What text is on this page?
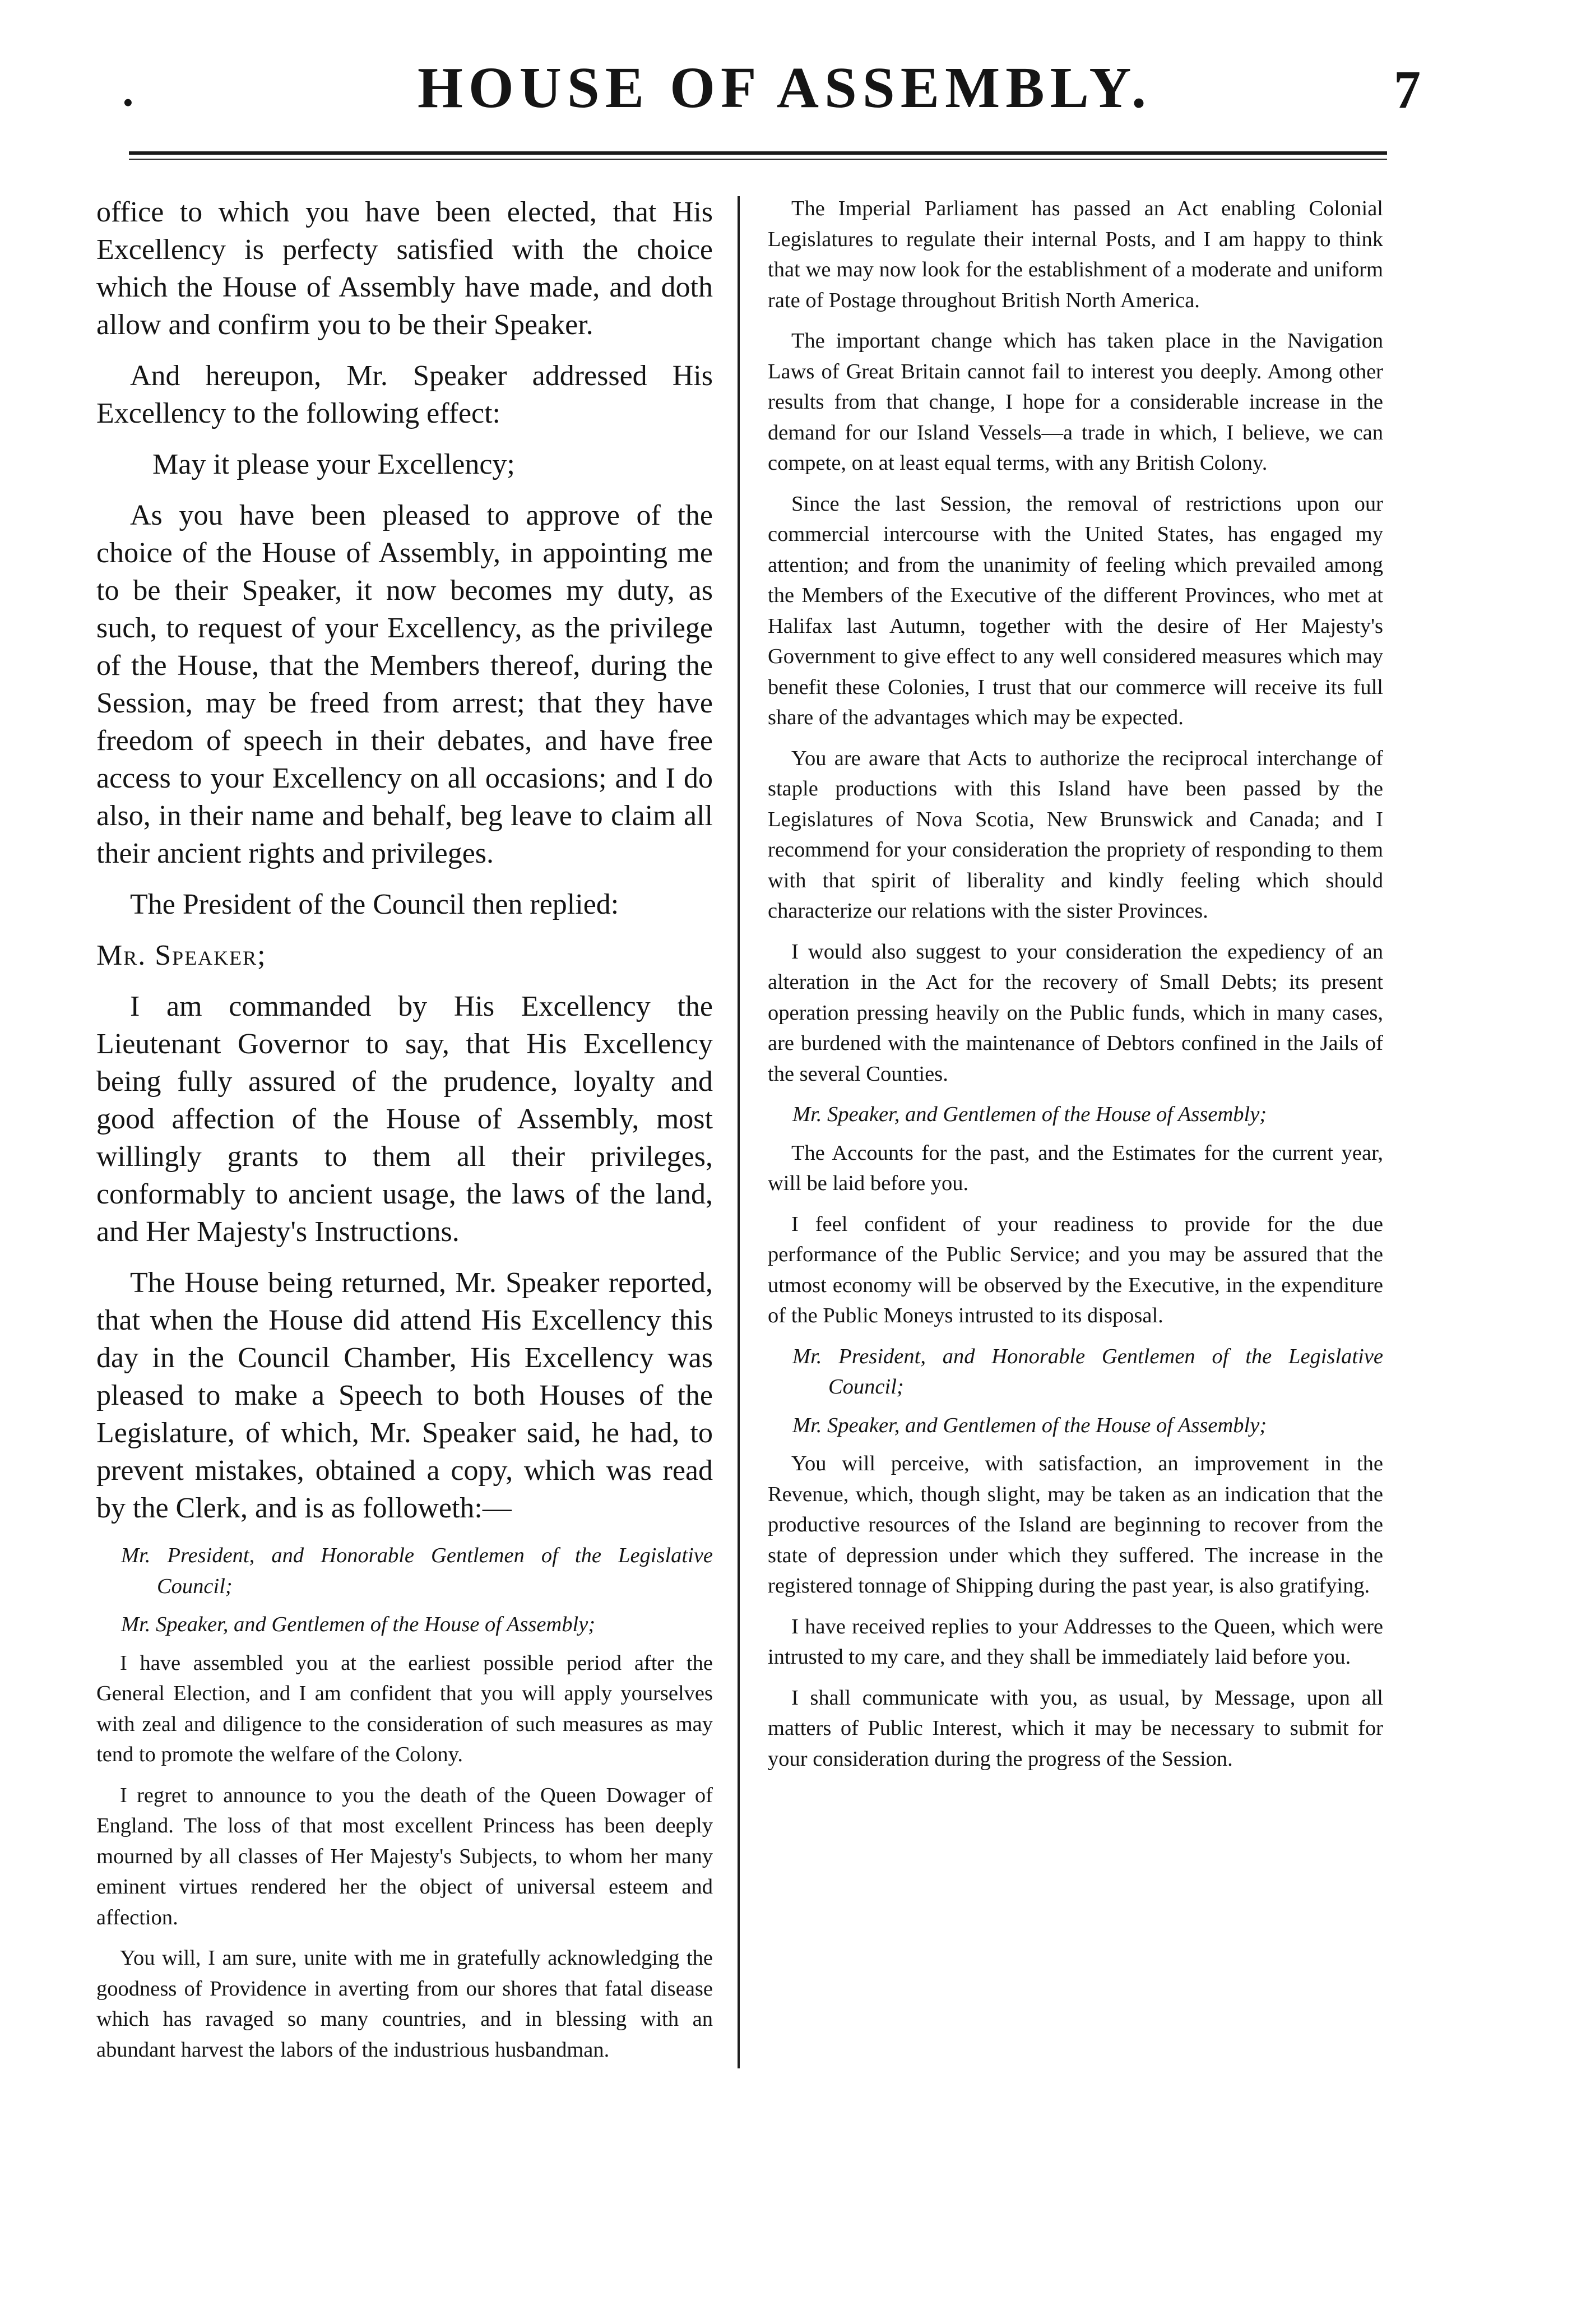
•	HOUSE OF ASSEMBLY.	7

office to which you have been elected, that His Excellency is perfecty satisfied with the choice which the House of Assembly have made, and doth allow and confirm you to be their Speaker.

And hereupon, Mr. Speaker addressed His Excellency to the following effect:

May it please your Excellency;

As you have been pleased to approve of the choice of the House of Assembly, in appointing me to be their Speaker, it now becomes my duty, as such, to request of your Excellency, as the privilege of the House, that the Members thereof, during the Session, may be freed from arrest; that they have freedom of speech in their debates, and have free access to your Excellency on all occasions; and I do also, in their name and behalf, beg leave to claim all their ancient rights and privileges.

The President of the Council then replied:

Mr. Speaker;

I am commanded by His Excellency the Lieutenant Governor to say, that His Excellency being fully assured of the prudence, loyalty and good affection of the House of Assembly, most willingly grants to them all their privileges, conformably to ancient usage, the laws of the land, and Her Majesty's Instructions.

The House being returned, Mr. Speaker reported, that when the House did attend His Excellency this day in the Council Chamber, His Excellency was pleased to make a Speech to both Houses of the Legislature, of which, Mr. Speaker said, he had, to prevent mistakes, obtained a copy, which was read by the Clerk, and is as followeth:—

Mr. President, and Honorable Gentlemen of the Legislative Council;

Mr. Speaker, and Gentlemen of the House of Assembly;

I have assembled you at the earliest possible period after the General Election, and I am confident that you will apply yourselves with zeal and diligence to the consideration of such measures as may tend to promote the welfare of the Colony.

I regret to announce to you the death of the Queen Dowager of England. The loss of that most excellent Princess has been deeply mourned by all classes of Her Majesty's Subjects, to whom her many eminent virtues rendered her the object of universal esteem and affection.

You will, I am sure, unite with me in gratefully acknowledging the goodness of Providence in averting from our shores that fatal disease which has ravaged so many countries, and in blessing with an abundant harvest the labors of the industrious husbandman.

The Imperial Parliament has passed an Act enabling Colonial Legislatures to regulate their internal Posts, and I am happy to think that we may now look for the establishment of a moderate and uniform rate of Postage throughout British North America.

The important change which has taken place in the Navigation Laws of Great Britain cannot fail to interest you deeply. Among other results from that change, I hope for a considerable increase in the demand for our Island Vessels—a trade in which, I believe, we can compete, on at least equal terms, with any British Colony.

Since the last Session, the removal of restrictions upon our commercial intercourse with the United States, has engaged my attention; and from the unanimity of feeling which prevailed among the Members of the Executive of the different Provinces, who met at Halifax last Autumn, together with the desire of Her Majesty's Government to give effect to any well considered measures which may benefit these Colonies, I trust that our commerce will receive its full share of the advantages which may be expected.

You are aware that Acts to authorize the reciprocal interchange of staple productions with this Island have been passed by the Legislatures of Nova Scotia, New Brunswick and Canada; and I recommend for your consideration the propriety of responding to them with that spirit of liberality and kindly feeling which should characterize our relations with the sister Provinces.

I would also suggest to your consideration the expediency of an alteration in the Act for the recovery of Small Debts; its present operation pressing heavily on the Public funds, which in many cases, are burdened with the maintenance of Debtors confined in the Jails of the several Counties.

Mr. Speaker, and Gentlemen of the House of Assembly;

The Accounts for the past, and the Estimates for the current year, will be laid before you.

I feel confident of your readiness to provide for the due performance of the Public Service; and you may be assured that the utmost economy will be observed by the Executive, in the expenditure of the Public Moneys intrusted to its disposal.

Mr. President, and Honorable Gentlemen of the Legislative Council;

Mr. Speaker, and Gentlemen of the House of Assembly;

You will perceive, with satisfaction, an improvement in the Revenue, which, though slight, may be taken as an indication that the productive resources of the Island are beginning to recover from the state of depression under which they suffered. The increase in the registered tonnage of Shipping during the past year, is also gratifying.

I have received replies to your Addresses to the Queen, which were intrusted to my care, and they shall be immediately laid before you.

I shall communicate with you, as usual, by Message, upon all matters of Public Interest, which it may be necessary to submit for your consideration during the progress of the Session.
